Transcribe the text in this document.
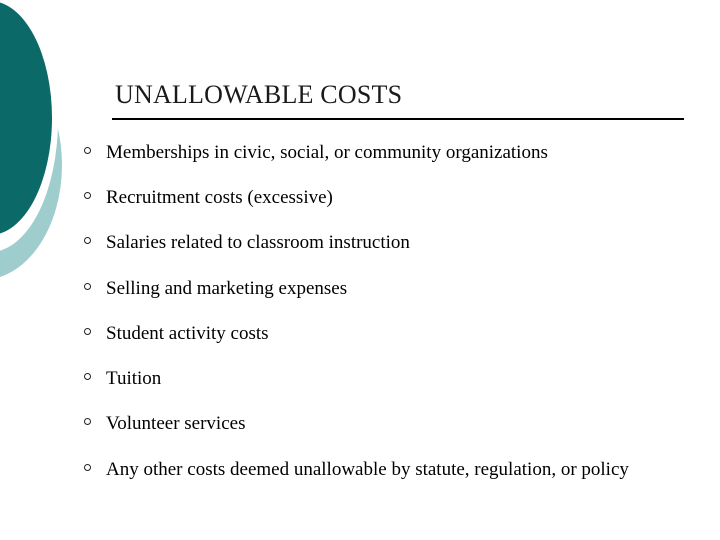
UNALLOWABLE COSTS
Memberships in civic, social, or community organizations
Recruitment costs (excessive)
Salaries related to classroom instruction
Selling and marketing expenses
Student activity costs
Tuition
Volunteer services
Any other costs deemed unallowable by statute, regulation, or policy
